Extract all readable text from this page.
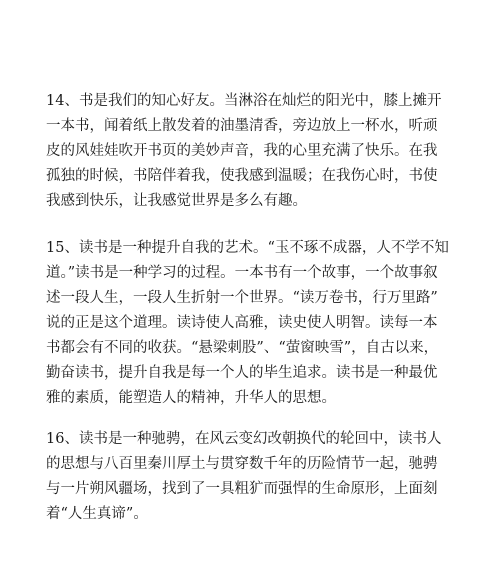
14、书是我们的知心好友。当淋浴在灿烂的阳光中，膝上摊开
一本书，闻着纸上散发着的油墨清香，旁边放上一杯水，听顽
皮的风娃娃吹开书页的美妙声音，我的心里充满了快乐。在我
孤独的时候，书陪伴着我，使我感到温暖；在我伤心时，书使
我感到快乐，让我感觉世界是多么有趣。
15、读书是一种提升自我的艺术。“玉不琢不成器，人不学不知
道。”读书是一种学习的过程。一本书有一个故事，一个故事叙
述一段人生，一段人生折射一个世界。“读万卷书，行万里路”
说的正是这个道理。读诗使人高雅，读史使人明智。读每一本
书都会有不同的收获。“悬梁刺股”、“萤窗映雪”，自古以来，
勤奋读书，提升自我是每一个人的毕生追求。读书是一种最优
雅的素质，能塑造人的精神，升华人的思想。
16、读书是一种驰骋，在风云变幻改朝换代的轮回中，读书人
的思想与八百里秦川厚土与贯穿数千年的历险情节一起，驰骋
与一片朔风疆场，找到了一具粗犷而强悍的生命原形，上面刻
着“人生真谛”。
